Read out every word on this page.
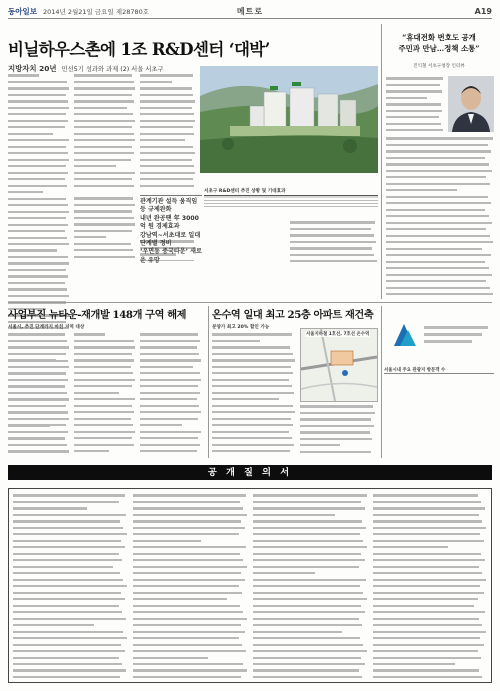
동아일보 2014년 2월21일 금요일 제28780호	메트로	A19
비닐하우스촌에 1조 R&D센터 ‘대박’
지방자치 20년 민선5기 성과와 과제 (2) 서울 서초구
관계기관 설득 움직임 등 규제완화
내년 완공땐 年 3000억 원 경제효과
강남역~서초대로 일대 단계별 정비
‘우면동 중국타운’ 새로운 유망
서초구 R&D센터 추진 상황 및 기대효과

“휴대전화 번호도 공개
주민과 만남…정책 소통”
진익철 서초구청장 인터뷰
사업부진 뉴타운-재개발 148개 구역 해제
서울시, 추진 단계까지 마친 지역 대상
온수역 일대 최고 25층 아파트 재건축
분양가 최고 20% 할인 가능
서울지하철 1호선, 7호선 온수역
서울시내 주요 관광지 방문객 수
공 개 질 의 서
